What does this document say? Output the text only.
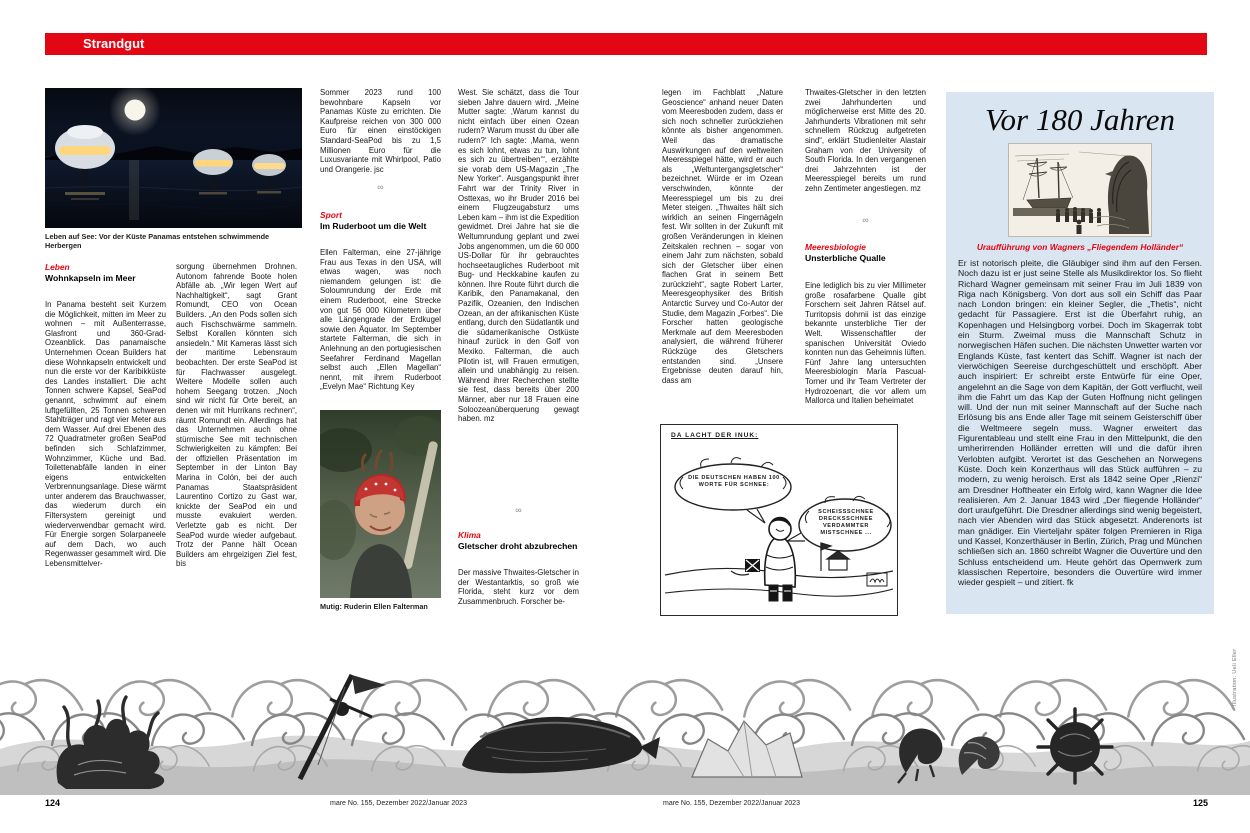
Strandgut
Leben auf See: Vor der Küste Panamas entstehen schwimmende Herbergen
Leben
Wohnkapseln im Meer
In Panama besteht seit Kurzem die Möglichkeit, mitten im Meer zu wohnen – mit Außenterrasse, Glasfront und 360-Grad-Ozeanblick. Das panamaische Unternehmen Ocean Builders hat diese Wohnkapseln entwickelt und nun die erste vor der Karibikküste des Landes installiert. Die acht Tonnen schwere Kapsel, SeaPod genannt, schwimmt auf einem luftgefüllten, 25 Tonnen schweren Stahlträger und ragt vier Meter aus dem Wasser. Auf drei Ebenen des 72 Quadratmeter großen SeaPod befinden sich Schlafzimmer, Wohnzimmer, Küche und Bad. Toilettenabfälle landen in einer eigens entwickelten Verbrennungsanlage. Diese wärmt unter anderem das Brauchwasser, das wiederum durch ein Filtersystem gereinigt und wiederverwendbar gemacht wird. Für Energie sorgen Solarpaneele auf dem Dach, wo auch Regenwasser gesammelt wird. Die Lebensmittelver-
sorgung übernehmen Drohnen. Autonom fahrende Boote holen Abfälle ab. „Wir legen Wert auf Nachhaltigkeit“, sagt Grant Romundt, CEO von Ocean Builders. „An den Pods sollen sich auch Fischschwärme sammeln. Selbst Korallen könnten sich ansiedeln.“ Mit Kameras lässt sich der maritime Lebensraum beobachten. Der erste SeaPod ist für Flachwasser ausgelegt. Weitere Modelle sollen auch hohem Seegang trotzen. „Noch sind wir nicht für Orte bereit, an denen wir mit Hurrikans rechnen“, räumt Romundt ein. Allerdings hat das Unternehmen auch ohne stürmische See mit technischen Schwierigkeiten zu kämpfen: Bei der offiziellen Präsentation im September in der Linton Bay Marina in Colón, bei der auch Panamas Staatspräsident Laurentino Cortizo zu Gast war, knickte der SeaPod ein und musste evakuiert werden. Verletzte gab es nicht. Der SeaPod wurde wieder aufgebaut. Trotz der Panne hält Ocean Builders am ehrgeizigen Ziel fest, bis
Sommer 2023 rund 100 bewohnbare Kapseln vor Panamas Küste zu errichten. Die Kaufpreise reichen von 300 000 Euro für einen einstöckigen Standard-SeaPod bis zu 1,5 Millionen Euro für die Luxusvariante mit Whirlpool, Patio und Orangerie. jsc
∞
Sport
Im Ruderboot um die Welt
Ellen Falterman, eine 27-jährige Frau aus Texas in den USA, will etwas wagen, was noch niemandem gelungen ist: die Soloumrundung der Erde mit einem Ruderboot, eine Strecke von gut 56 000 Kilometern über alle Längengrade der Erdkugel sowie den Äquator. Im September startete Falterman, die sich in Anlehnung an den portugiesischen Seefahrer Ferdinand Magellan selbst auch „Ellen Magellan“ nennt, mit ihrem Ruderboot „Evelyn Mae“ Richtung Key
Mutig: Ruderin Ellen Falterman
West. Sie schätzt, dass die Tour sieben Jahre dauern wird. „Meine Mutter sagte: ‚Warum kannst du nicht einfach über einen Ozean rudern? Warum musst du über alle rudern?‘ Ich sagte: ‚Mama, wenn es sich lohnt, etwas zu tun, lohnt es sich zu übertreiben‘“, erzählte sie vorab dem US-Magazin „The New Yorker“. Ausgangspunkt ihrer Fahrt war der Trinity River in Osttexas, wo ihr Bruder 2016 bei einem Flugzeugabsturz ums Leben kam – ihm ist die Expedition gewidmet. Drei Jahre hat sie die Weltumrundung geplant und zwei Jobs angenommen, um die 60 000 US-Dollar für ihr gebrauchtes hochseetaugliches Ruderboot mit Bug- und Heckkabine kaufen zu können. Ihre Route führt durch die Karibik, den Panamakanal, den Pazifik, Ozeanien, den Indischen Ozean, an der afrikanischen Küste entlang, durch den Südatlantik und die südamerikanische Ostküste hinauf zurück in den Golf von Mexiko. Falterman, die auch Pilotin ist, will Frauen ermutigen, allein und unabhängig zu reisen. Während ihrer Recherchen stellte sie fest, dass bereits über 200 Männer, aber nur 18 Frauen eine Soloozeanüberquerung gewagt haben. mz
∞
Klima
Gletscher droht abzubrechen
Der massive Thwaites-Gletscher in der Westantarktis, so groß wie Florida, steht kurz vor dem Zusammenbruch. Forscher be-
legen im Fachblatt „Nature Geoscience“ anhand neuer Daten vom Meeresboden zudem, dass er sich noch schneller zurückziehen könnte als bisher angenommen. Weil das dramatische Auswirkungen auf den weltweiten Meeresspiegel hätte, wird er auch als „Weltuntergangsgletscher“ bezeichnet. Würde er im Ozean verschwinden, könnte der Meeresspiegel um bis zu drei Meter steigen. „Thwaites hält sich wirklich an seinen Fingernägeln fest. Wir sollten in der Zukunft mit großen Veränderungen in kleinen Zeitskalen rechnen – sogar von einem Jahr zum nächsten, sobald sich der Gletscher über einen flachen Grat in seinem Bett zurückzieht“, sagte Robert Larter, Meeresgeophysiker des British Antarctic Survey und Co-Autor der Studie, dem Magazin „Forbes“. Die Forscher hatten geologische Merkmale auf dem Meeresboden analysiert, die während früherer Rückzüge des Gletschers entstanden sind. „Unsere Ergebnisse deuten darauf hin, dass am
Thwaites-Gletscher in den letzten zwei Jahrhunderten und möglicherweise erst Mitte des 20. Jahrhunderts Vibrationen mit sehr schnellem Rückzug aufgetreten sind“, erklärt Studienleiter Alastair Graham von der University of South Florida. In den vergangenen drei Jahrzehnten ist der Meeresspiegel bereits um rund zehn Zentimeter angestiegen. mz
∞
Meeresbiologie
Unsterbliche Qualle
Eine lediglich bis zu vier Millimeter große rosafarbene Qualle gibt Forschern seit Jahren Rätsel auf. Turritopsis dohrnii ist das einzige bekannte unsterbliche Tier der Welt. Wissenschaftler der spanischen Universität Oviedo konnten nun das Geheimnis lüften. Fünf Jahre lang untersuchten Meeresbiologin María Pascual-Torner und ihr Team Vertreter der Hydrozoenart, die vor allem um Mallorca und Italien beheimatet
DA LACHT DER INUK:
DIE DEUTSCHEN HABEN 100 WORTE FÜR SCHNEE:
SCHEISSSCHNEE DRECKSSCHNEE VERDAMMTER MISTSCHNEE ...
Vor 180 Jahren
Uraufführung von Wagners „Fliegendem Holländer“
Er ist notorisch pleite, die Gläubiger sind ihm auf den Fersen. Noch dazu ist er just seine Stelle als Musikdirektor los. So flieht Richard Wagner gemeinsam mit seiner Frau im Juli 1839 von Riga nach Königsberg. Von dort aus soll ein Schiff das Paar nach London bringen: ein kleiner Segler, die „Thetis“, nicht gedacht für Passagiere. Erst ist die Überfahrt ruhig, an Kopenhagen und Helsingborg vorbei. Doch im Skagerrak tobt ein Sturm. Zweimal muss die Mannschaft Schutz in norwegischen Häfen suchen. Die nächsten Unwetter warten vor Englands Küste, fast kentert das Schiff. Wagner ist nach der vierwöchigen Seereise durchgeschüttelt und erschöpft. Aber auch inspiriert: Er schreibt erste Entwürfe für eine Oper, angelehnt an die Sage von dem Kapitän, der Gott verflucht, weil ihm die Fahrt um das Kap der Guten Hoffnung nicht gelingen will. Und der nun mit seiner Mannschaft auf der Suche nach Erlösung bis ans Ende aller Tage mit seinem Geisterschiff über die Weltmeere segeln muss. Wagner erweitert das Figurentableau und stellt eine Frau in den Mittelpunkt, die den umherirrenden Holländer erretten will und die dafür ihren Verlobten aufgibt. Verortet ist das Geschehen an Norwegens Küste. Doch kein Konzerthaus will das Stück aufführen – zu modern, zu wenig heroisch. Erst als 1842 seine Oper „Rienzi“ am Dresdner Hoftheater ein Erfolg wird, kann Wagner die Idee realisieren. Am 2. Januar 1843 wird „Der fliegende Holländer“ dort uraufgeführt. Die Dresdner allerdings sind wenig begeistert, nach vier Abenden wird das Stück abgesetzt. Anderenorts ist man gnädiger. Ein Vierteljahr später folgen Premieren in Riga und Kassel, Konzerthäuser in Berlin, Zürich, Prag und München schließen sich an. 1860 schreibt Wagner die Ouvertüre und den Schluss entscheidend um. Heute gehört das Opernwerk zum klassischen Repertoire, besonders die Ouvertüre wird immer wieder gespielt – und zitiert. fk
Illustration: Ueli Eller
124	mare No. 155, Dezember 2022/Januar 2023	mare No. 155, Dezember 2022/Januar 2023	125
